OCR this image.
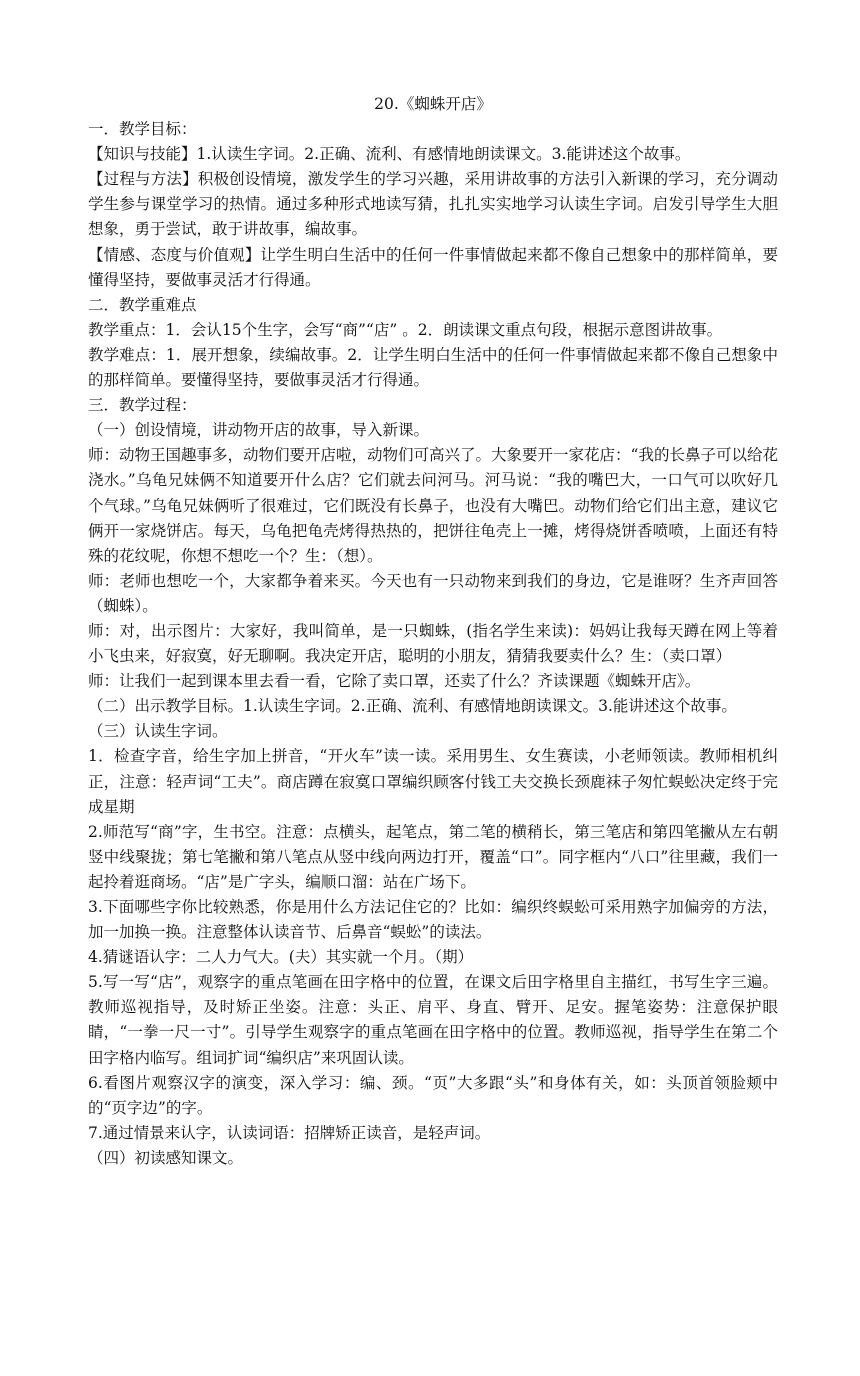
20.《蜘蛛开店》

一．教学目标：

【知识与技能】1.认读生字词。2.正确、流利、有感情地朗读课文。3.能讲述这个故事。

【过程与方法】积极创设情境，激发学生的学习兴趣，采用讲故事的方法引入新课的学习，充分调动学生参与课堂学习的热情。通过多种形式地读写猜，扎扎实实地学习认读生字词。启发引导学生大胆想象，勇于尝试，敢于讲故事，编故事。

【情感、态度与价值观】让学生明白生活中的任何一件事情做起来都不像自己想象中的那样简单，要懂得坚持，要做事灵活才行得通。

二．教学重难点

教学重点：1．会认15个生字，会写“商”“店” 。2．朗读课文重点句段，根据示意图讲故事。

教学难点：1．展开想象，续编故事。2．让学生明白生活中的任何一件事情做起来都不像自己想象中的那样简单。要懂得坚持，要做事灵活才行得通。

三．教学过程：

（一）创设情境，讲动物开店的故事，导入新课。

师：动物王国趣事多，动物们要开店啦，动物们可高兴了。大象要开一家花店：“我的长鼻子可以给花浇水。”乌龟兄妹俩不知道要开什么店？它们就去问河马。河马说：“我的嘴巴大，一口气可以吹好几个气球。”乌龟兄妹俩听了很难过，它们既没有长鼻子，也没有大嘴巴。动物们给它们出主意，建议它俩开一家烧饼店。每天，乌龟把龟壳烤得热热的，把饼往龟壳上一摊，烤得烧饼香喷喷，上面还有特殊的花纹呢，你想不想吃一个？生：（想）。

师：老师也想吃一个，大家都争着来买。今天也有一只动物来到我们的身边，它是谁呀？生齐声回答（蜘蛛）。

师：对，出示图片：大家好，我叫简单，是一只蜘蛛，(指名学生来读)：妈妈让我每天蹲在网上等着小飞虫来，好寂寞，好无聊啊。我决定开店，聪明的小朋友，猜猜我要卖什么？生：（卖口罩）

师：让我们一起到课本里去看一看，它除了卖口罩，还卖了什么？齐读课题《蜘蛛开店》。

（二）出示教学目标。1.认读生字词。2.正确、流利、有感情地朗读课文。3.能讲述这个故事。

（三）认读生字词。

1．检查字音，给生字加上拼音，“开火车”读一读。采用男生、女生赛读，小老师领读。教师相机纠正，注意：轻声词“工夫”。商店蹲在寂寞口罩编织顾客付钱工夫交换长颈鹿袜子匆忙蜈蚣决定终于完成星期

2.师范写“商”字，生书空。注意：点横头，起笔点，第二笔的横稍长，第三笔店和第四笔撇从左右朝竖中线聚拢；第七笔撇和第八笔点从竖中线向两边打开，覆盖“口”。同字框内“八口”往里藏，我们一起拎着逛商场。“店”是广字头，编顺口溜：站在广场下。

3.下面哪些字你比较熟悉，你是用什么方法记住它的？比如：编织终蜈蚣可采用熟字加偏旁的方法，加一加换一换。注意整体认读音节、后鼻音“蜈蚣”的读法。

4.猜谜语认字：二人力气大。(夫）其实就一个月。（期）

5.写一写“店”，观察字的重点笔画在田字格中的位置，在课文后田字格里自主描红，书写生字三遍。教师巡视指导，及时矫正坐姿。注意：头正、肩平、身直、臂开、足安。握笔姿势：注意保护眼睛，“一拳一尺一寸”。引导学生观察字的重点笔画在田字格中的位置。教师巡视，指导学生在第二个田字格内临写。组词扩词“编织店”来巩固认读。

6.看图片观察汉字的演变，深入学习：编、颈。“页”大多跟“头”和身体有关，如：头顶首领脸颊中的“页字边”的字。

7.通过情景来认字，认读词语：招牌矫正读音，是轻声词。

（四）初读感知课文。
